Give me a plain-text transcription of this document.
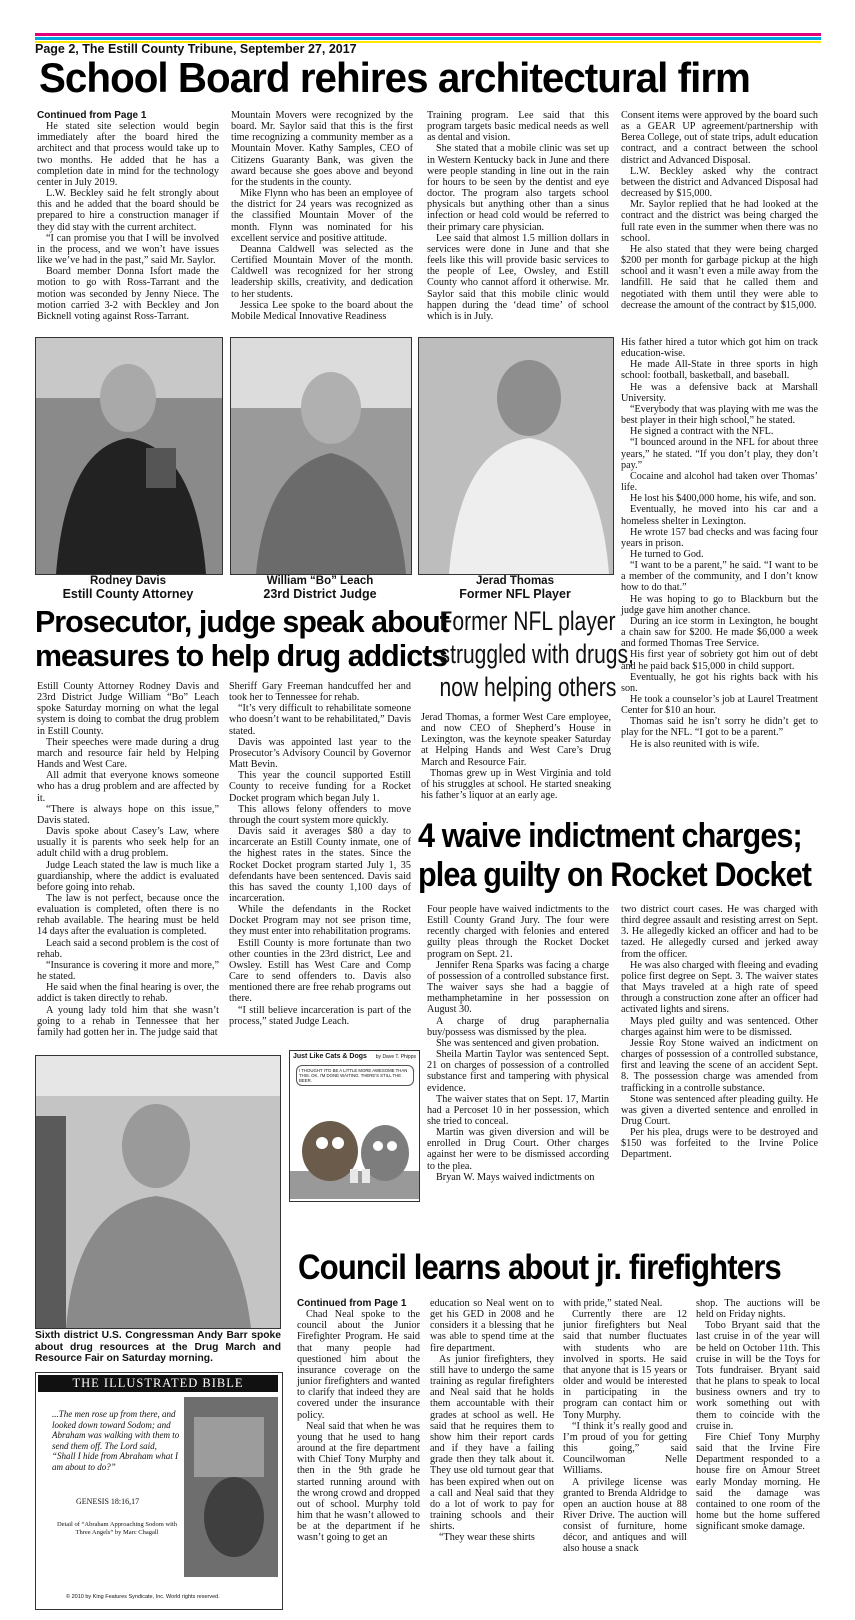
Page 2, The Estill County Tribune, September 27, 2017
School Board rehires architectural firm

Continued from Page 1

He stated site selection would begin immediately after the board hired the architect and that process would take up to two months. He added that he has a completion date in mind for the technology center in July 2019.

L.W. Beckley said he felt strongly about this and he added that the board should be prepared to hire a construction manager if they did stay with the current architect.

“I can promise you that I will be involved in the process, and we won’t have issues like we’ve had in the past,” said Mr. Saylor.

Board member Donna Isfort made the motion to go with Ross-Tarrant and the motion was seconded by Jenny Niece. The motion carried 3-2 with Beckley and Jon Bicknell voting against Ross-Tarrant.

Mountain Movers were recognized by the board. Mr. Saylor said that this is the first time recognizing a community member as a Mountain Mover. Kathy Samples, CEO of Citizens Guaranty Bank, was given the award because she goes above and beyond for the students in the county.

Mike Flynn who has been an employee of the district for 24 years was recognized as the classified Mountain Mover of the month. Flynn was nominated for his excellent service and positive attitude.

Deanna Caldwell was selected as the Certified Mountain Mover of the month. Caldwell was recognized for her strong leadership skills, creativity, and dedication to her students.

Jessica Lee spoke to the board about the Mobile Medical Innovative Readiness

Training program. Lee said that this program targets basic medical needs as well as dental and vision.

She stated that a mobile clinic was set up in Western Kentucky back in June and there were people standing in line out in the rain for hours to be seen by the dentist and eye doctor. The program also targets school physicals but anything other than a sinus infection or head cold would be referred to their primary care physician.

Lee said that almost 1.5 million dollars in services were done in June and that she feels like this will provide basic services to the people of Lee, Owsley, and Estill County who cannot afford it otherwise. Mr. Saylor said that this mobile clinic would happen during the ‘dead time’ of school which is in July.

Consent items were approved by the board such as a GEAR UP agreement/partnership with Berea College, out of state trips, adult education contract, and a contract between the school district and Advanced Disposal.

L.W. Beckley asked why the contract between the district and Advanced Disposal had decreased by $15,000.

Mr. Saylor replied that he had looked at the contract and the district was being charged the full rate even in the summer when there was no school.

He also stated that they were being charged $200 per month for garbage pickup at the high school and it wasn’t even a mile away from the landfill. He said that he called them and negotiated with them until they were able to decrease the amount of the contract by $15,000.

Rodney Davis
Estill County Attorney
William “Bo” Leach
23rd District Judge
Jerad Thomas
Former NFL Player

His father hired a tutor which got him on track education-wise.

He made All-State in three sports in high school: football, basketball, and baseball.

He was a defensive back at Marshall University.

“Everybody that was playing with me was the best player in their high school,” he stated.

He signed a contract with the NFL.

“I bounced around in the NFL for about three years,” he stated. “If you don’t play, they don’t pay.”

Cocaine and alcohol had taken over Thomas’ life.

He lost his $400,000 home, his wife, and son.

Eventually, he moved into his car and a homeless shelter in Lexington.

He wrote 157 bad checks and was facing four years in prison.

He turned to God.

“I want to be a parent,” he said. “I want to be a member of the community, and I don’t know how to do that.”

He was hoping to go to Blackburn but the judge gave him another chance.

During an ice storm in Lexington, he bought a chain saw for $200. He made $6,000 a week and formed Thomas Tree Service.

His first year of sobriety got him out of debt and he paid back $15,000 in child support.

Eventually, he got his rights back with his son.

He took a counselor’s job at Laurel Treatment Center for $10 an hour.

Thomas said he isn’t sorry he didn’t get to play for the NFL. “I got to be a parent.”

He is also reunited with is wife.

Prosecutor, judge speak about
measures to help drug addicts

Estill County Attorney Rodney Davis and 23rd District Judge William “Bo” Leach spoke Saturday morning on what the legal system is doing to combat the drug problem in Estill County.

Their speeches were made during a drug march and resource fair held by Helping Hands and West Care.

All admit that everyone knows someone who has a drug problem and are affected by it.

“There is always hope on this issue,” Davis stated.

Davis spoke about Casey’s Law, where usually it is parents who seek help for an adult child with a drug problem.

Judge Leach stated the law is much like a guardianship, where the addict is evaluated before going into rehab.

The law is not perfect, because once the evaluation is completed, often there is no rehab available. The hearing must be held 14 days after the evaluation is completed.

Leach said a second problem is the cost of rehab.

“Insurance is covering it more and more,” he stated.

He said when the final hearing is over, the addict is taken directly to rehab.

A young lady told him that she wasn’t going to a rehab in Tennessee that her family had gotten her in. The judge said that

Sheriff Gary Freeman handcuffed her and took her to Tennessee for rehab.

“It’s very difficult to rehabilitate someone who doesn’t want to be rehabilitated,” Davis stated.

Davis was appointed last year to the Prosecutor’s Advisory Council by Governor Matt Bevin.

This year the council supported Estill County to receive funding for a Rocket Docket program which began July 1.

This allows felony offenders to move through the court system more quickly.

Davis said it averages $80 a day to incarcerate an Estill County inmate, one of the highest rates in the states. Since the Rocket Docket program started July 1, 35 defendants have been sentenced. Davis said this has saved the county 1,100 days of incarceration.

While the defendants in the Rocket Docket Program may not see prison time, they must enter into rehabilitation programs.

Estill County is more fortunate than two other counties in the 23rd district, Lee and Owsley. Estill has West Care and Comp Care to send offenders to. Davis also mentioned there are free rehab programs out there.

“I still believe incarceration is part of the process,” stated Judge Leach.

Former NFL player
struggled with drugs,
now helping others

Jerad Thomas, a former West Care employee, and now CEO of Shepherd’s House in Lexington, was the keynote speaker Saturday at Helping Hands and West Care’s Drug March and Resource Fair.

Thomas grew up in West Virginia and told of his struggles at school. He started sneaking his father’s liquor at an early age.

4 waive indictment charges;
plea guilty on Rocket Docket

Four people have waived indictments to the Estill County Grand Jury. The four were recently charged with felonies and entered guilty pleas through the Rocket Docket program on Sept. 21.

Jennifer Rena Sparks was facing a charge of possession of a controlled substance first. The waiver says she had a baggie of methamphetamine in her possession on August 30.

A charge of drug paraphernalia buy/possess was dismissed by the plea.

She was sentenced and given probation.

Sheila Martin Taylor was sentenced Sept. 21 on charges of possession of a controlled substance first and tampering with physical evidence.

The waiver states that on Sept. 17, Martin had a Percoset 10 in her possession, which she tried to conceal.

Martin was given diversion and will be enrolled in Drug Court. Other charges against her were to be dismissed according to the plea.

Bryan W. Mays waived indictments on

two district court cases. He was charged with third degree assault and resisting arrest on Sept. 3. He allegedly kicked an officer and had to be tazed. He allegedly cursed and jerked away from the officer.

He was also charged with fleeing and evading police first degree on Sept. 3. The waiver states that Mays traveled at a high rate of speed through a construction zone after an officer had activated lights and sirens.

Mays pled guilty and was sentenced. Other charges against him were to be dismissed.

Jessie Roy Stone waived an indictment on charges of possession of a controlled substance, first and leaving the scene of an accident Sept. 8. The possession charge was amended from trafficking in a controlle substance.

Stone was sentenced after pleading guilty. He was given a diverted sentence and enrolled in Drug Court.

Per his plea, drugs were to be destroyed and $150 was forfeited to the Irvine Police Department.

Just Like Cats & Dogs by Dave T. Phipps
I THOUGHT IT'D BE A LITTLE MORE AWESOME THAN THIS. OK. I'M DONE WAITING. THERE'S STILL THE BEER.
Sixth district U.S. Congressman Andy Barr spoke about drug resources at the Drug March and Resource Fair on Saturday morning.
THE ILLUSTRATED BIBLE
...The men rose up from there, and looked down toward Sodom; and Abraham was walking with them to send them off. The Lord said, “Shall I hide from Abraham what I am about to do?”
GENESIS 18:16,17
Detail of “Abraham Approaching Sodom with Three Angels” by Marc Chagall
© 2010 by King Features Syndicate, Inc. World rights reserved.
Council learns about jr. firefighters

Continued from Page 1

Chad Neal spoke to the council about the Junior Firefighter Program. He said that many people had questioned him about the insurance coverage on the junior firefighters and wanted to clarify that indeed they are covered under the insurance policy.

Neal said that when he was young that he used to hang around at the fire department with Chief Tony Murphy and then in the 9th grade he started running around with the wrong crowd and dropped out of school. Murphy told him that he wasn’t allowed to be at the department if he wasn’t going to get an

education so Neal went on to get his GED in 2008 and he considers it a blessing that he was able to spend time at the fire department.

As junior firefighters, they still have to undergo the same training as regular firefighters and Neal said that he holds them accountable with their grades at school as well. He said that he requires them to show him their report cards and if they have a failing grade then they talk about it. They use old turnout gear that has been expired when out on a call and Neal said that they do a lot of work to pay for training schools and their shirts.

“They wear these shirts

with pride,” stated Neal.

Currently there are 12 junior firefighters but Neal said that number fluctuates with students who are involved in sports. He said that anyone that is 15 years or older and would be interested in participating in the program can contact him or Tony Murphy.

“I think it’s really good and I’m proud of you for getting this going,” said Councilwoman Nelle Williams.

A privilege license was granted to Brenda Aldridge to open an auction house at 88 River Drive. The auction will consist of furniture, home décor, and antiques and will also house a snack

shop. The auctions will be held on Friday nights.

Tobo Bryant said that the last cruise in of the year will be held on October 11th. This cruise in will be the Toys for Tots fundraiser. Bryant said that he plans to speak to local business owners and try to work something out with them to coincide with the cruise in.

Fire Chief Tony Murphy said that the Irvine Fire Department responded to a house fire on Amour Street early Monday morning. He said the damage was contained to one room of the home but the home suffered significant smoke damage.
